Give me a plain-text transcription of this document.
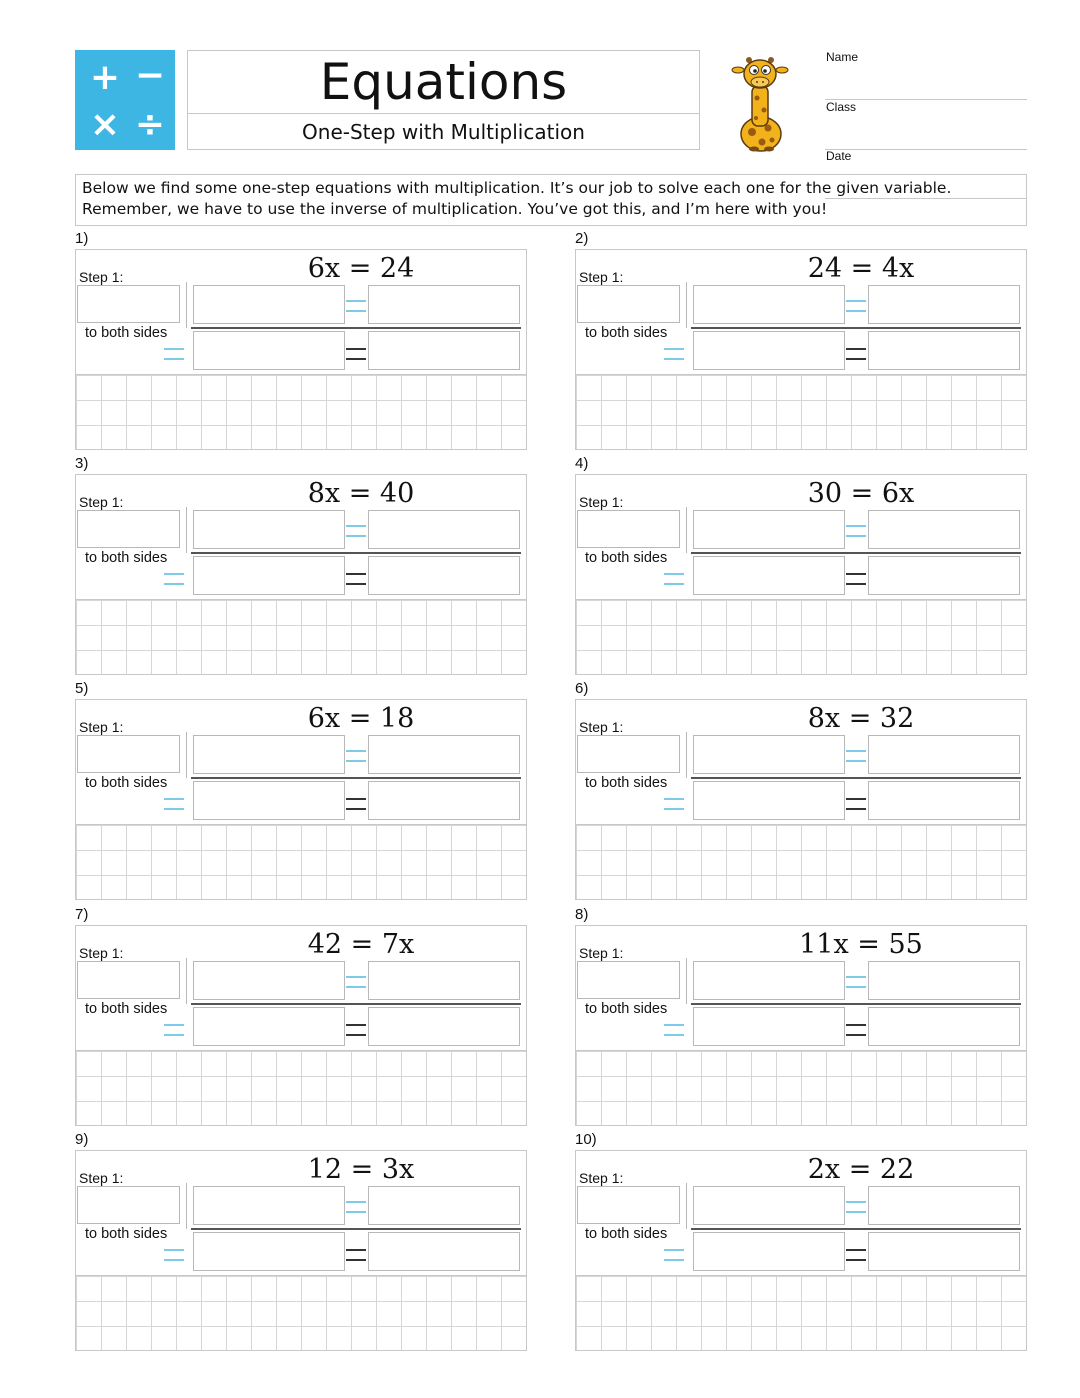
+ −
× ÷
Equations
One-Step with Multiplication
Name
Class
Date
Below we find some one-step equations with multiplication. It’s our job to solve each one for the given variable. Remember, we have to use the inverse of multiplication. You’ve got this, and I’m here with you!
1)
6x = 24
Step 1:
to both sides
2)
24 = 4x
Step 1:
to both sides
3)
8x = 40
Step 1:
to both sides
4)
30 = 6x
Step 1:
to both sides
5)
6x = 18
Step 1:
to both sides
6)
8x = 32
Step 1:
to both sides
7)
42 = 7x
Step 1:
to both sides
8)
11x = 55
Step 1:
to both sides
9)
12 = 3x
Step 1:
to both sides
10)
2x = 22
Step 1:
to both sides
